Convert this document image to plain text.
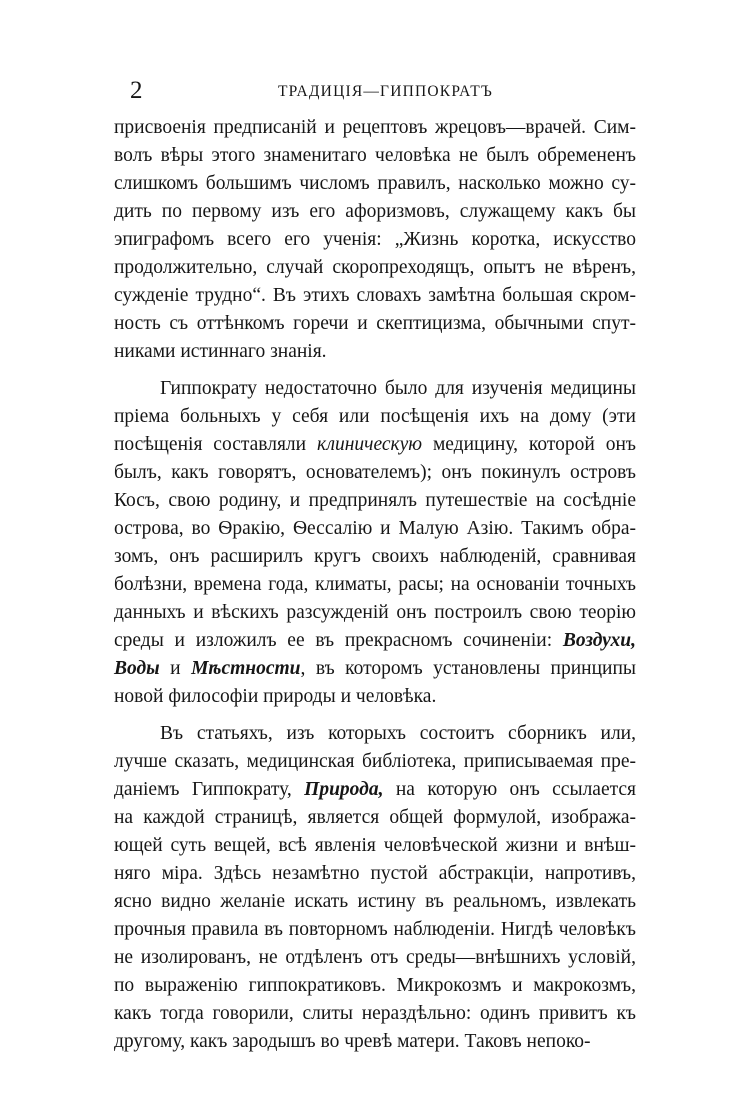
2	ТРАДИЦІЯ—ГИППОКРАТЪ
присвоенія предписаній и рецептовъ жрецовъ—врачей. Сим-
волъ вѣры этого знаменитаго человѣка не былъ обремененъ
слишкомъ большимъ числомъ правилъ, насколько можно су-
дить по первому изъ его афоризмовъ, служащему какъ бы
эпиграфомъ всего его ученія: „Жизнь коротка, искусство
продолжительно, случай скоропреходящъ, опытъ не вѣренъ,
сужденіе трудно“. Въ этихъ словахъ замѣтна большая скром-
ность съ оттѣнкомъ горечи и скептицизма, обычными спут-
никами истиннаго знанія.
Гиппократу недостаточно было для изученія медицины
пріема больныхъ у себя или посѣщенія ихъ на дому (эти
посѣщенія составляли клиническую медицину, которой онъ
былъ, какъ говорятъ, основателемъ); онъ покинулъ островъ
Косъ, свою родину, и предпринялъ путешествіе на сосѣдніе
острова, во Ѳракію, Ѳессалію и Малую Азію. Такимъ обра-
зомъ, онъ расширилъ кругъ своихъ наблюденій, сравнивая
болѣзни, времена года, климаты, расы; на основаніи точныхъ
данныхъ и вѣскихъ разсужденій онъ построилъ свою теорію
среды и изложилъ ее въ прекрасномъ сочиненіи: Воздухи,
Воды и Мѣстности, въ которомъ установлены принципы
новой философіи природы и человѣка.
Въ статьяхъ, изъ которыхъ состоитъ сборникъ или,
лучше сказать, медицинская библіотека, приписываемая пре-
даніемъ Гиппократу, Природа, на которую онъ ссылается
на каждой страницѣ, является общей формулой, изобража-
ющей суть вещей, всѣ явленія человѣческой жизни и внѣш-
няго міра. Здѣсь незамѣтно пустой абстракціи, напротивъ,
ясно видно желаніе искать истину въ реальномъ, извлекать
прочныя правила въ повторномъ наблюденіи. Нигдѣ человѣкъ
не изолированъ, не отдѣленъ отъ среды—внѣшнихъ условій,
по выраженію гиппократиковъ. Микрокозмъ и макрокозмъ,
какъ тогда говорили, слиты нераздѣльно: одинъ привитъ къ
другому, какъ зародышъ во чревѣ матери. Таковъ непоко-
